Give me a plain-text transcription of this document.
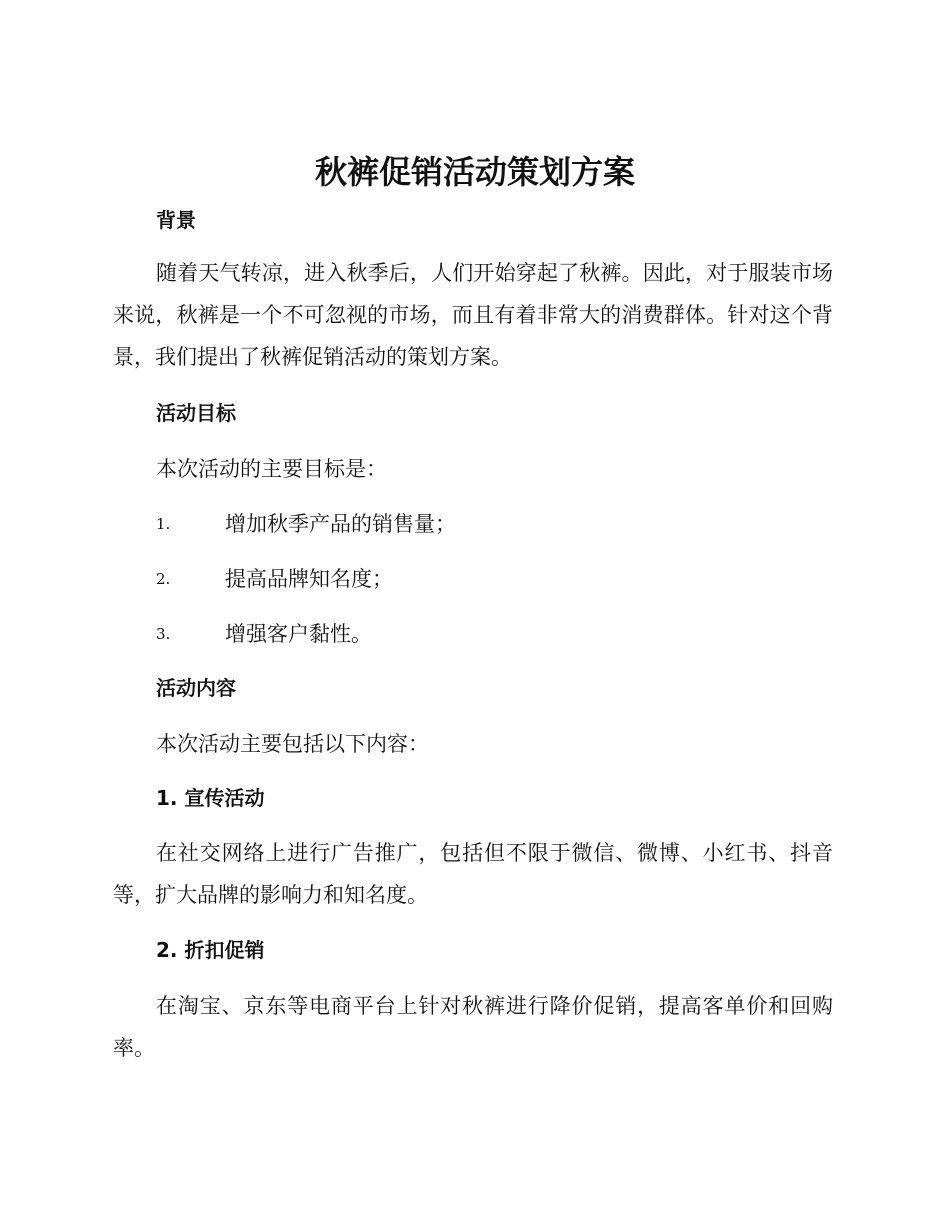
秋裤促销活动策划方案
背景

随着天气转凉，进入秋季后，人们开始穿起了秋裤。因此，对于服装市场来说，秋裤是一个不可忽视的市场，而且有着非常大的消费群体。针对这个背景，我们提出了秋裤促销活动的策划方案。

活动目标

本次活动的主要目标是：

1.	增加秋季产品的销售量；
2.	提高品牌知名度；
3.	增强客户黏性。
活动内容

本次活动主要包括以下内容：

1. 宣传活动

在社交网络上进行广告推广，包括但不限于微信、微博、小红书、抖音等，扩大品牌的影响力和知名度。

2. 折扣促销

在淘宝、京东等电商平台上针对秋裤进行降价促销，提高客单价和回购率。
